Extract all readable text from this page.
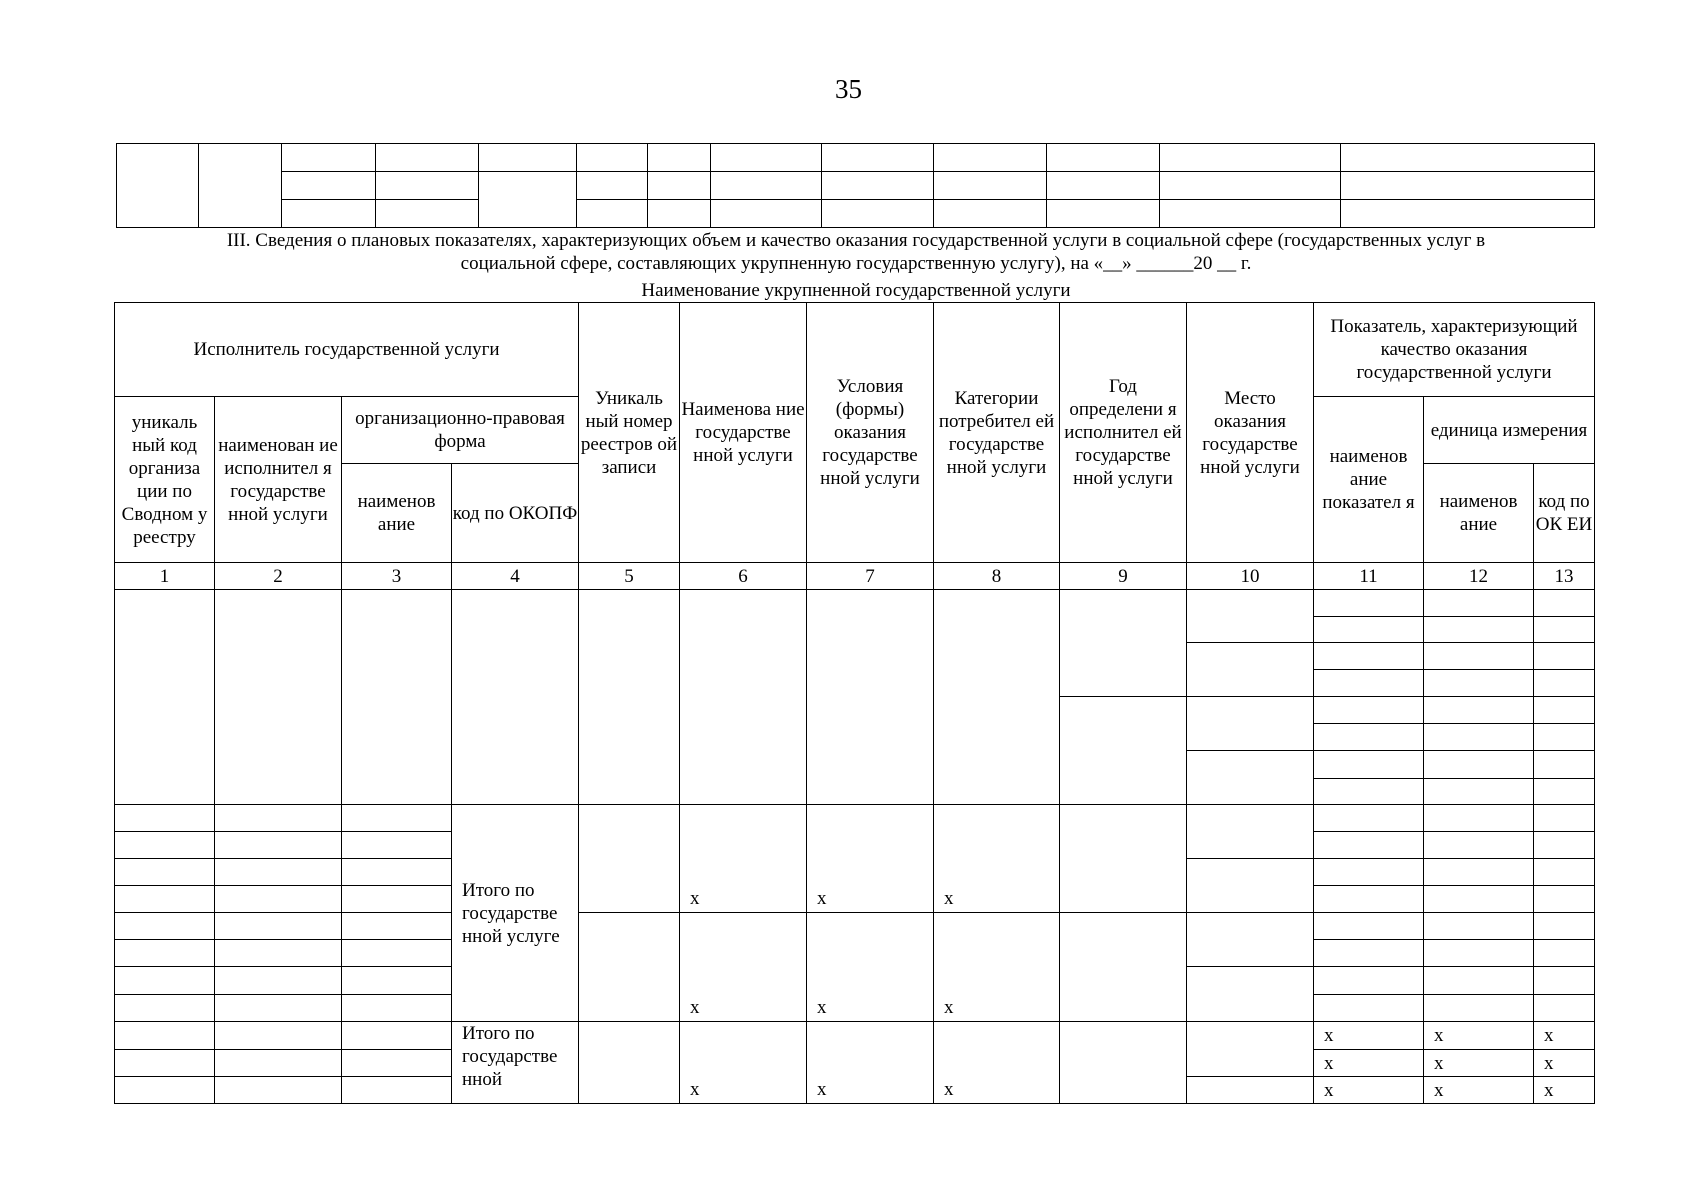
35

III. Сведения о плановых показателях, характеризующих объем и качество оказания государственной услуги в социальной сфере (государственных услуг в
социальной сфере, составляющих укрупненную государственную услугу), на «__» ______20 __ г.
Наименование укрупненной государственной услуги
Исполнитель государственной услуги				Уникаль ный номер реестров ой записи	Наименова ние государстве нной услуги	Условия (формы) оказания государстве нной услуги	Категории потребител ей государстве нной услуги	Год определени я исполнител ей государстве нной услуги	Место оказания государстве нной услуги	Показатель, характеризующий качество оказания государственной услуги		
уникаль ный код организа ции по Сводном у реестру	наименован ие исполнител я государстве нной услуги	организационно-правовая форма								наименов ание показател я	единица измерения	
		наименов ание	код по ОКОПФ								наименов ание	код по ОК ЕИ
1	2	3	4	5	6	7	8	9	10	11	12	13

			Итого по государстве нной услуге		х	х	х					

					х	х	х					

			Итого по государстве нной		х	х	х			х	х	х
										х	х	х
										х	х	х
